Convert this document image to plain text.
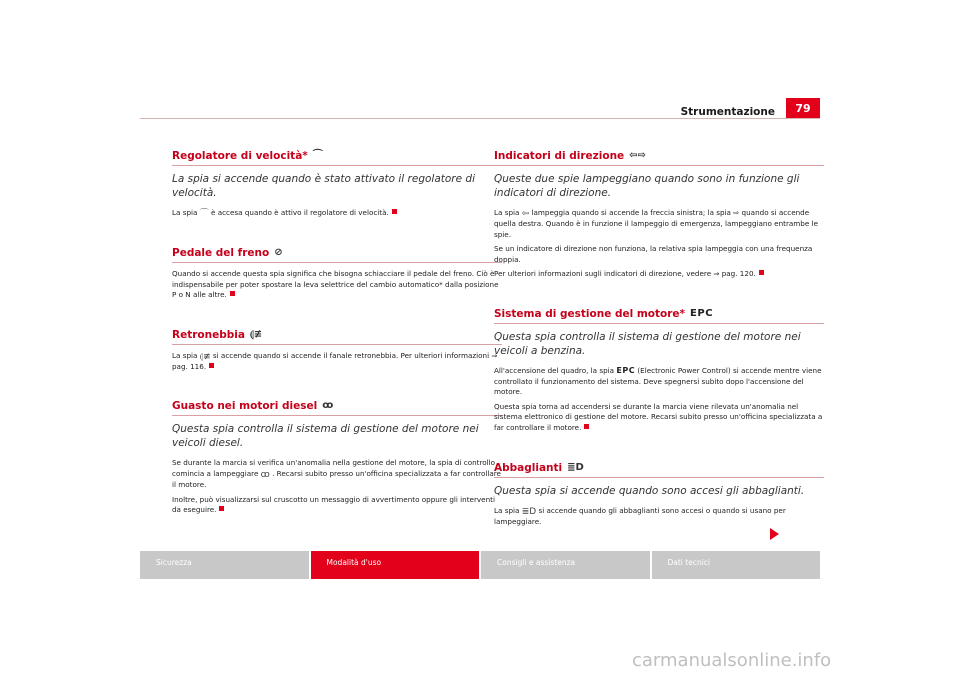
Strumentazione	79
Regolatore di velocità* ⌒
La spia si accende quando è stato attivato il regolatore di velocità.

La spia ⌒ è accesa quando è attivo il regolatore di velocità.

Pedale del freno ⊘

Quando si accende questa spia significa che bisogna schiacciare il pedale del freno. Ciò è indispensabile per poter spostare la leva selettrice del cambio automatico* dalla posizione P o N alle altre.

Retronebbia ⦇≢

La spia ⦇≢ si accende quando si accende il fanale retronebbia. Per ulteriori informazioni ⇒ pag. 116.

Guasto nei motori diesel ꝏ
Questa spia controlla il sistema di gestione del motore nei veicoli diesel.

Se durante la marcia si verifica un'anomalia nella gestione del motore, la spia di controllo comincia a lampeggiare ꝏ . Recarsi subito presso un'officina specializzata a far controllare il motore.

Inoltre, può visualizzarsi sul cruscotto un messaggio di avvertimento oppure gli interventi da eseguire.

Indicatori di direzione ⇦⇨
Queste due spie lampeggiano quando sono in funzione gli indicatori di direzione.

La spia ⇦ lampeggia quando si accende la freccia sinistra; la spia ⇨ quando si accende quella destra. Quando è in funzione il lampeggio di emergenza, lampeggiano entrambe le spie.

Se un indicatore di direzione non funziona, la relativa spia lampeggia con una frequenza doppia.

Per ulteriori informazioni sugli indicatori di direzione, vedere ⇒ pag. 120.

Sistema di gestione del motore* EPC
Questa spia controlla il sistema di gestione del motore nei veicoli a benzina.

All'accensione del quadro, la spia EPC (Electronic Power Control) si accende mentre viene controllato il funzionamento del sistema. Deve spegnersi subito dopo l'accensione del motore.

Questa spia torna ad accendersi se durante la marcia viene rilevata un'anomalia nel sistema elettronico di gestione del motore. Recarsi subito presso un'officina specializzata a far controllare il motore.

Abbaglianti ≣D
Questa spia si accende quando sono accesi gli abbaglianti.

La spia ≣D si accende quando gli abbaglianti sono accesi o quando si usano per lampeggiare.

Sicurezza	Modalità d'uso	Consigli e assistenza	Dati tecnici
carmanualsonline.info
